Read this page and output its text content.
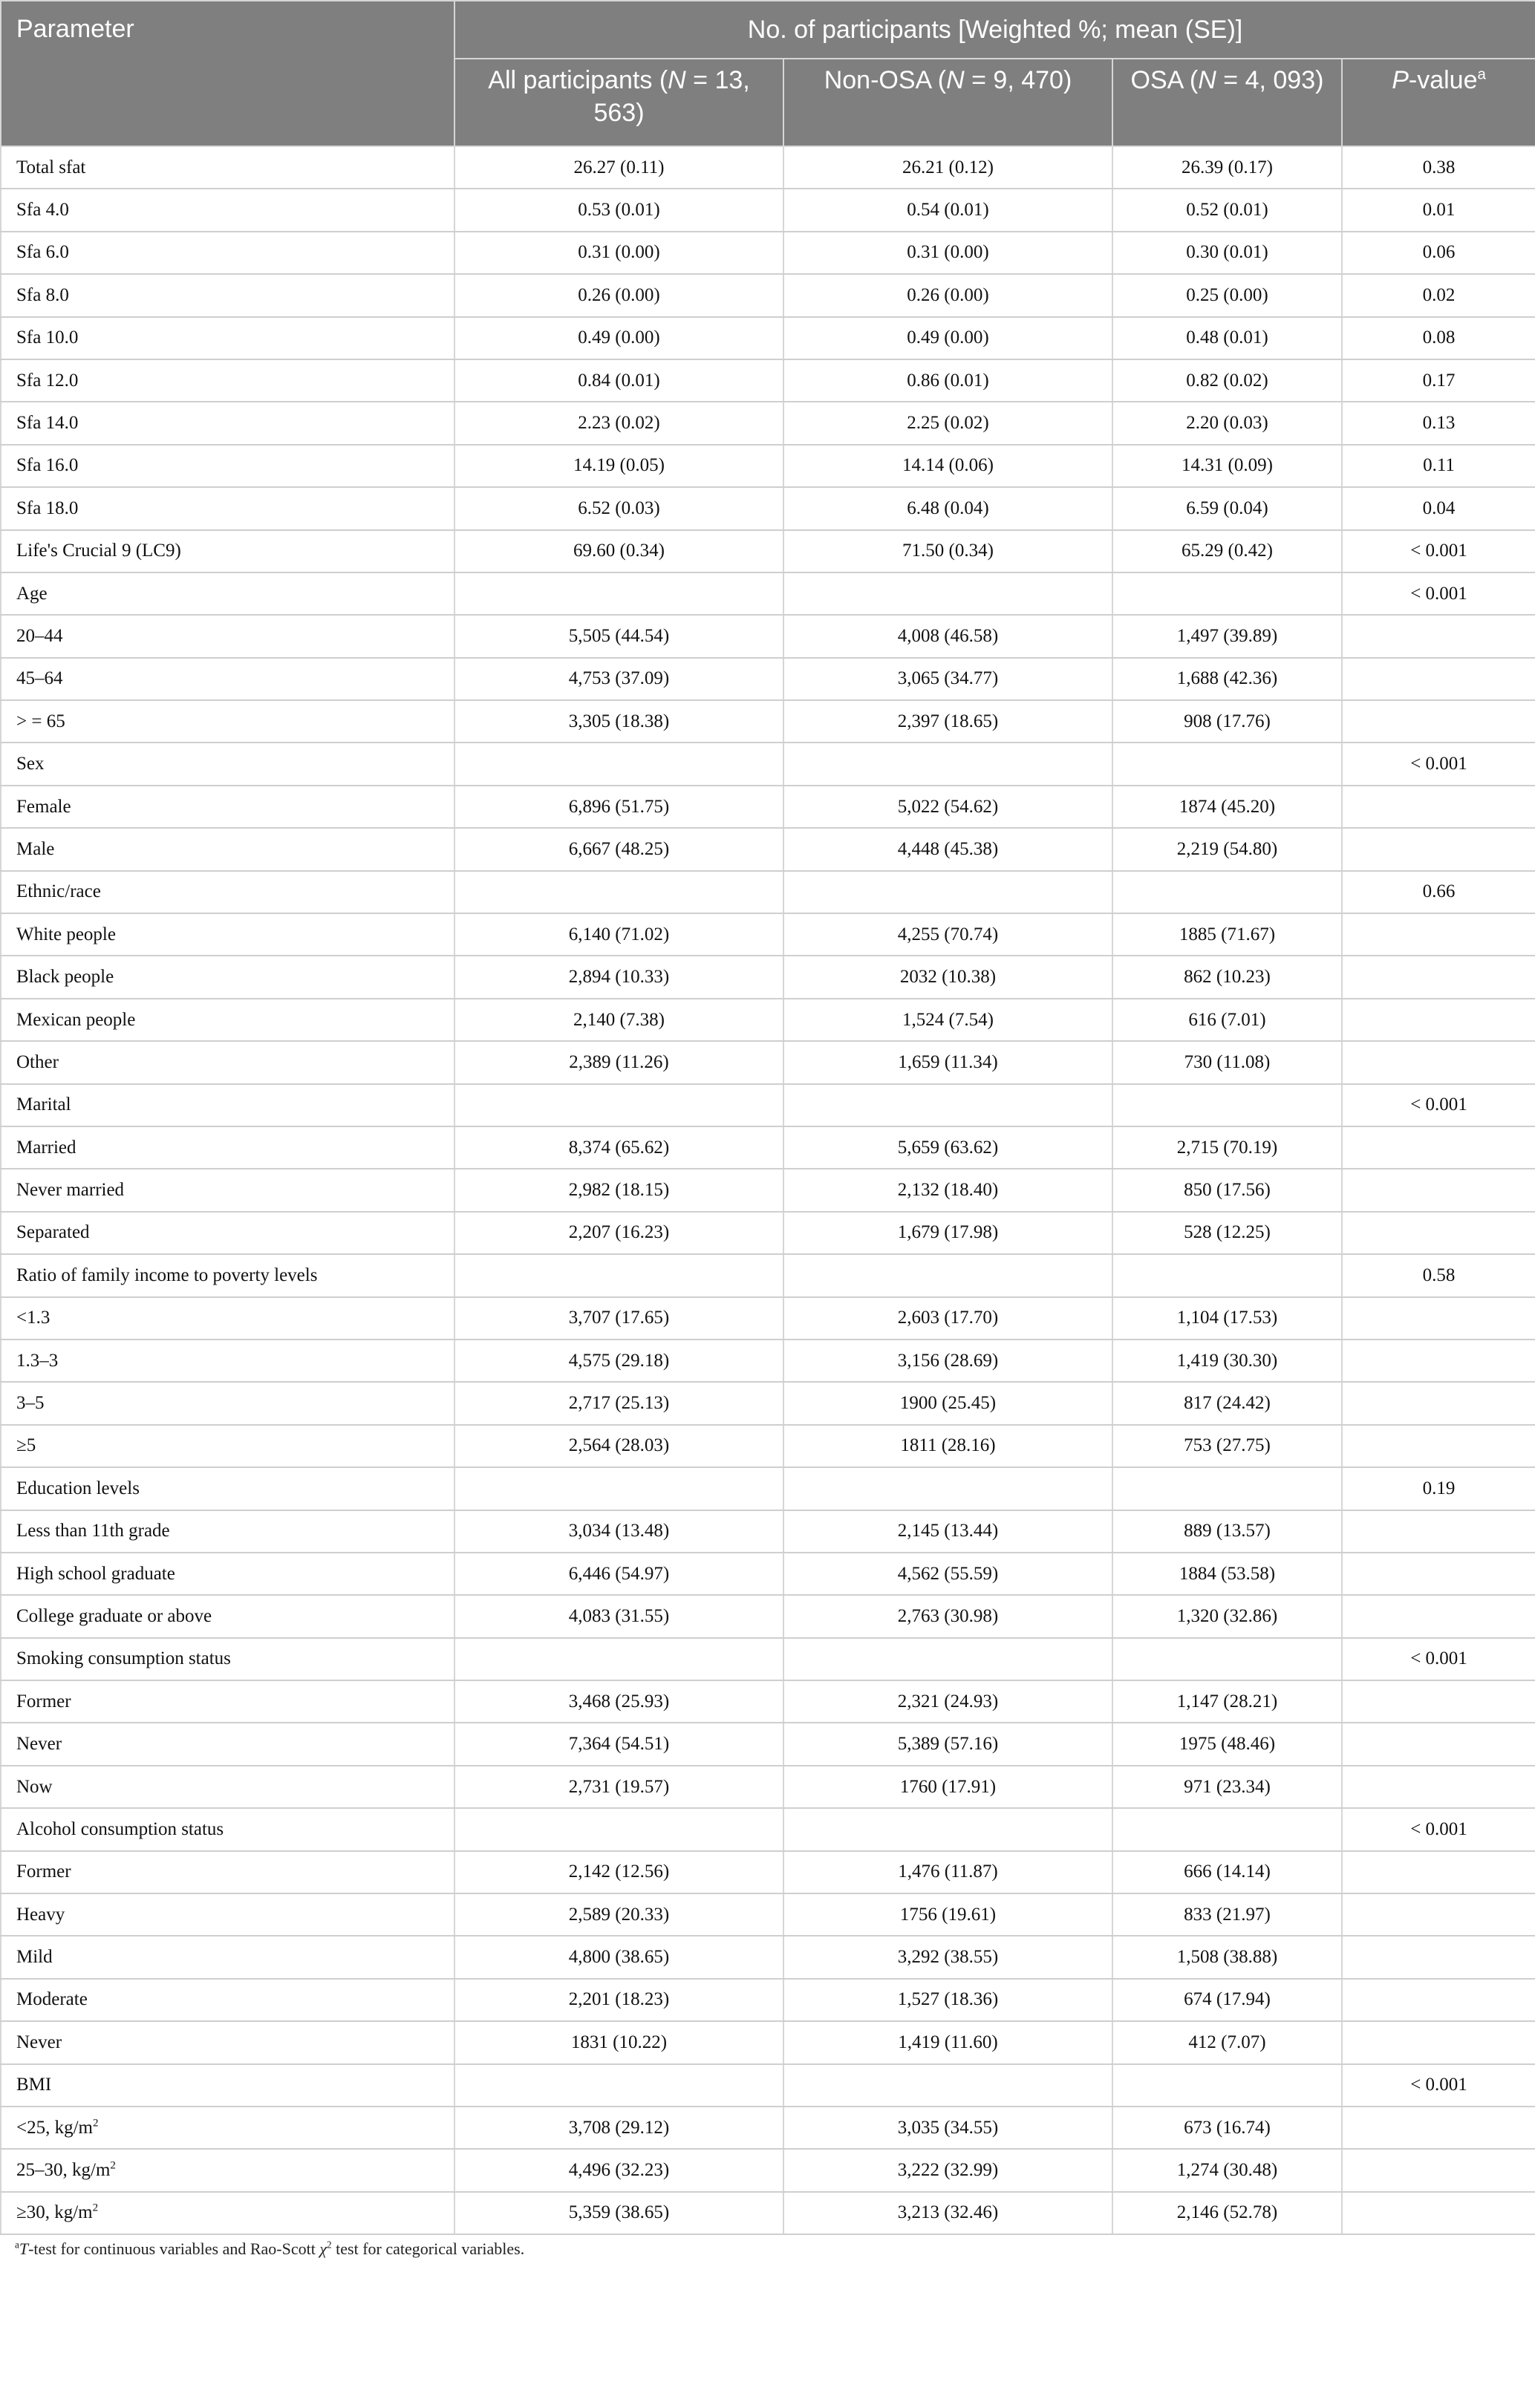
Parameter	No. of participants [Weighted %; mean (SE)]			
	All participants (N = 13, 563)	Non-OSA (N = 9, 470)	OSA (N = 4, 093)	P-value$^a$
Total sfat	26.27 (0.11)	26.21 (0.12)	26.39 (0.17)	0.38
Sfa 4.0	0.53 (0.01)	0.54 (0.01)	0.52 (0.01)	0.01
Sfa 6.0	0.31 (0.00)	0.31 (0.00)	0.30 (0.01)	0.06
Sfa 8.0	0.26 (0.00)	0.26 (0.00)	0.25 (0.00)	0.02
Sfa 10.0	0.49 (0.00)	0.49 (0.00)	0.48 (0.01)	0.08
Sfa 12.0	0.84 (0.01)	0.86 (0.01)	0.82 (0.02)	0.17
Sfa 14.0	2.23 (0.02)	2.25 (0.02)	2.20 (0.03)	0.13
Sfa 16.0	14.19 (0.05)	14.14 (0.06)	14.31 (0.09)	0.11
Sfa 18.0	6.52 (0.03)	6.48 (0.04)	6.59 (0.04)	0.04
Life's Crucial 9 (LC9)	69.60 (0.34)	71.50 (0.34)	65.29 (0.42)	< 0.001
Age				< 0.001
20–44	5,505 (44.54)	4,008 (46.58)	1,497 (39.89)	
45–64	4,753 (37.09)	3,065 (34.77)	1,688 (42.36)	
> = 65	3,305 (18.38)	2,397 (18.65)	908 (17.76)	
Sex				< 0.001
Female	6,896 (51.75)	5,022 (54.62)	1874 (45.20)	
Male	6,667 (48.25)	4,448 (45.38)	2,219 (54.80)	
Ethnic/race				0.66
White people	6,140 (71.02)	4,255 (70.74)	1885 (71.67)	
Black people	2,894 (10.33)	2032 (10.38)	862 (10.23)	
Mexican people	2,140 (7.38)	1,524 (7.54)	616 (7.01)	
Other	2,389 (11.26)	1,659 (11.34)	730 (11.08)	
Marital				< 0.001
Married	8,374 (65.62)	5,659 (63.62)	2,715 (70.19)	
Never married	2,982 (18.15)	2,132 (18.40)	850 (17.56)	
Separated	2,207 (16.23)	1,679 (17.98)	528 (12.25)	
Ratio of family income to poverty levels				0.58
<1.3	3,707 (17.65)	2,603 (17.70)	1,104 (17.53)	
1.3–3	4,575 (29.18)	3,156 (28.69)	1,419 (30.30)	
3–5	2,717 (25.13)	1900 (25.45)	817 (24.42)	
≥5	2,564 (28.03)	1811 (28.16)	753 (27.75)	
Education levels				0.19
Less than 11th grade	3,034 (13.48)	2,145 (13.44)	889 (13.57)	
High school graduate	6,446 (54.97)	4,562 (55.59)	1884 (53.58)	
College graduate or above	4,083 (31.55)	2,763 (30.98)	1,320 (32.86)	
Smoking consumption status				< 0.001
Former	3,468 (25.93)	2,321 (24.93)	1,147 (28.21)	
Never	7,364 (54.51)	5,389 (57.16)	1975 (48.46)	
Now	2,731 (19.57)	1760 (17.91)	971 (23.34)	
Alcohol consumption status				< 0.001
Former	2,142 (12.56)	1,476 (11.87)	666 (14.14)	
Heavy	2,589 (20.33)	1756 (19.61)	833 (21.97)	
Mild	4,800 (38.65)	3,292 (38.55)	1,508 (38.88)	
Moderate	2,201 (18.23)	1,527 (18.36)	674 (17.94)	
Never	1831 (10.22)	1,419 (11.60)	412 (7.07)	
BMI				< 0.001
<25, $kg/m^2$	3,708 (29.12)	3,035 (34.55)	673 (16.74)	
25–30, $kg/m^2$	4,496 (32.23)	3,222 (32.99)	1,274 (30.48)	
≥30, $kg/m^2$	5,359 (38.65)	3,213 (32.46)	2,146 (52.78)	
$^a$T-test for continuous variables and Rao-Scott $\chi^2$ test for categorical variables.
